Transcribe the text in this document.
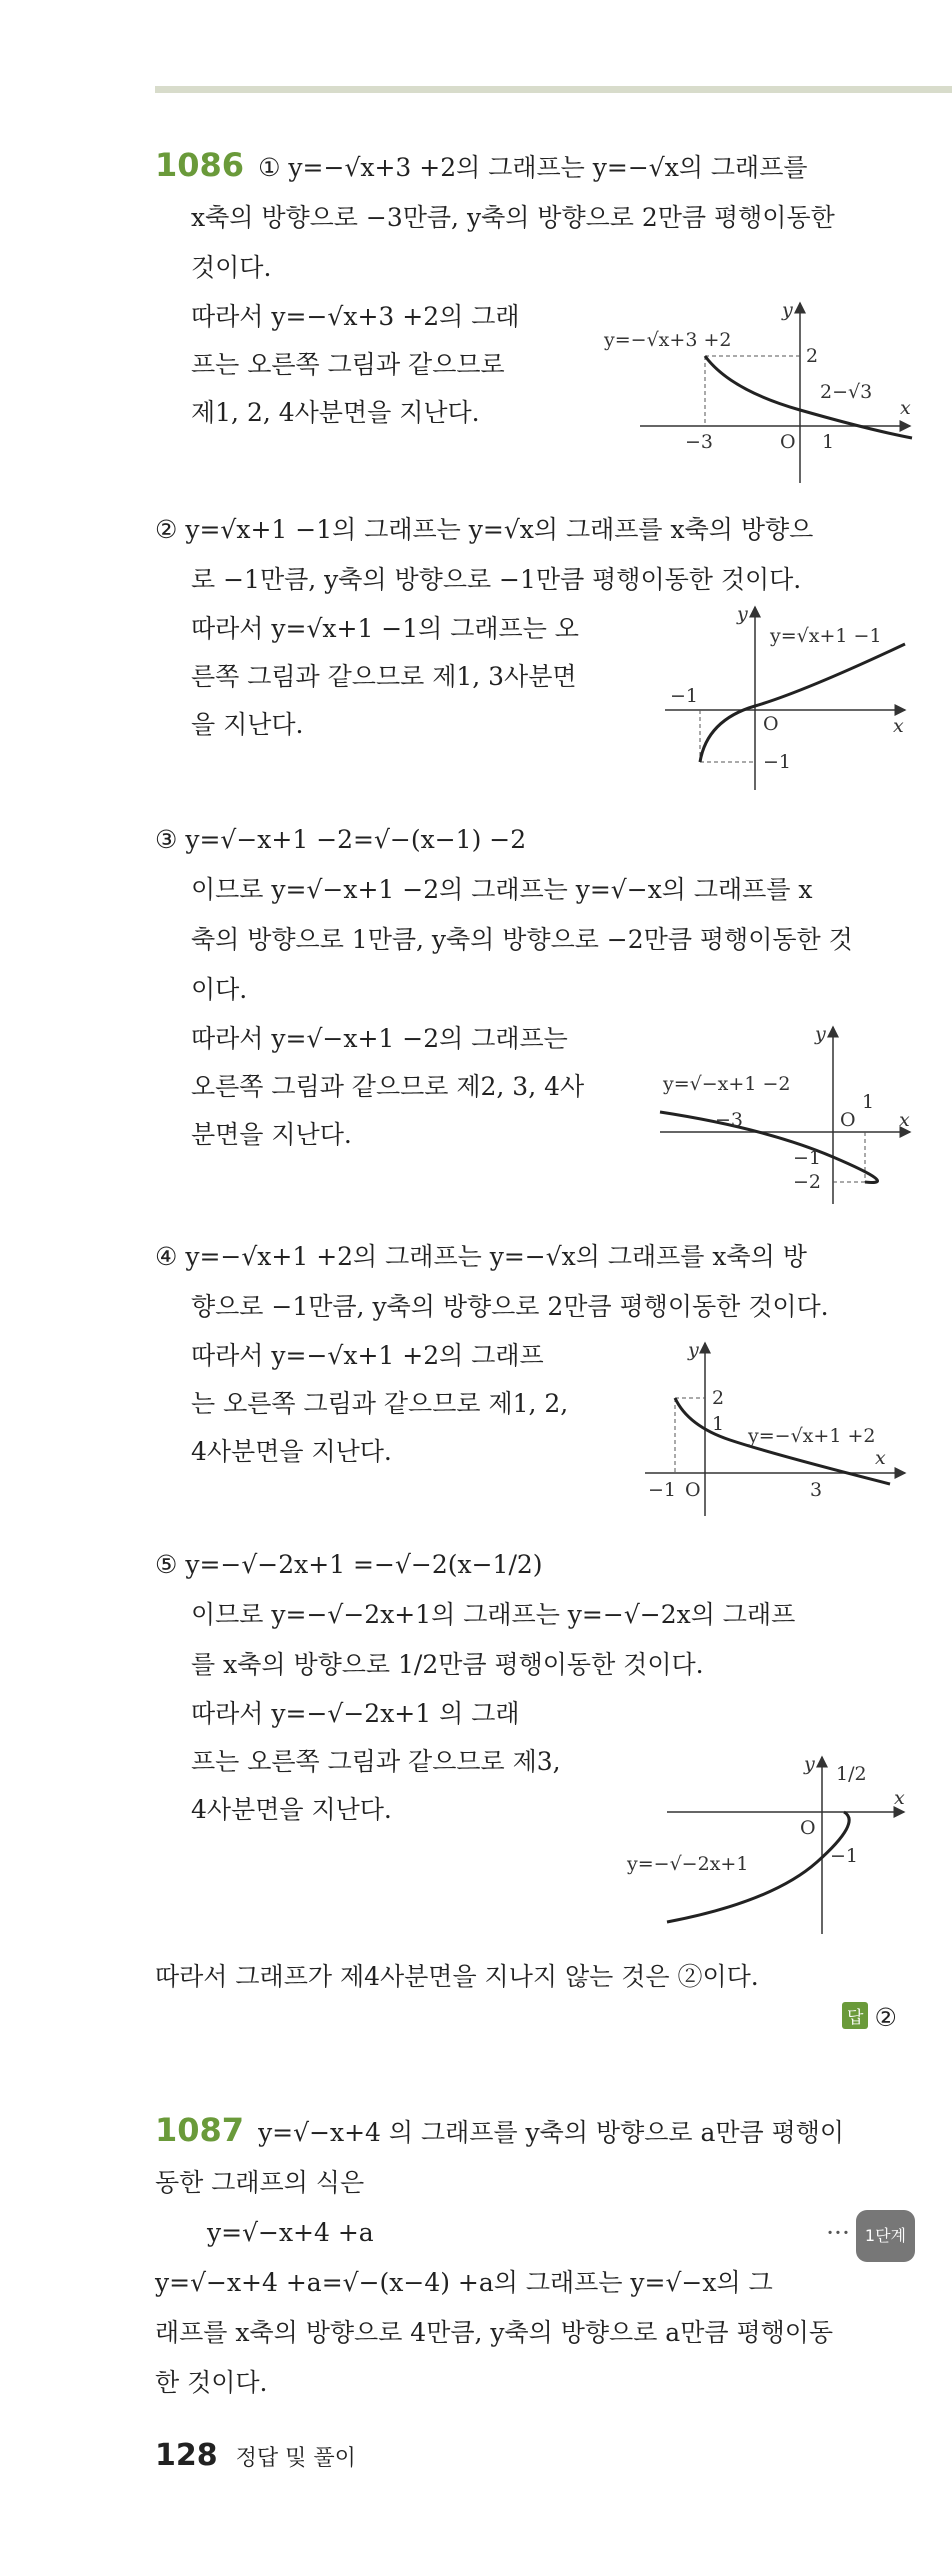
1086 ① y=−√x+3 +2의 그래프는 y=−√x의 그래프를
x축의 방향으로 −3만큼, y축의 방향으로 2만큼 평행이동한
것이다.
따라서 y=−√x+3 +2의 그래
프는 오른쪽 그림과 같으므로
제1, 2, 4사분면을 지난다.
y=−√x+3 +2
−3	O 1
2
2−√3
x
y
② y=√x+1 −1의 그래프는 y=√x의 그래프를 x축의 방향으
로 −1만큼, y축의 방향으로 −1만큼 평행이동한 것이다.
따라서 y=√x+1 −1의 그래프는 오
른쪽 그림과 같으므로 제1, 3사분면
을 지난다.
y=√x+1 −1
−1
O
−1
x
y
③ y=√−x+1 −2=√−(x−1) −2
이므로 y=√−x+1 −2의 그래프는 y=√−x의 그래프를 x
축의 방향으로 1만큼, y축의 방향으로 −2만큼 평행이동한 것
이다.
따라서 y=√−x+1 −2의 그래프는
오른쪽 그림과 같으므로 제2, 3, 4사
분면을 지난다.
y=√−x+1 −2
−3
1
O
−1
−2
x
y
④ y=−√x+1 +2의 그래프는 y=−√x의 그래프를 x축의 방
향으로 −1만큼, y축의 방향으로 2만큼 평행이동한 것이다.
따라서 y=−√x+1 +2의 그래프
는 오른쪽 그림과 같으므로 제1, 2,
4사분면을 지난다.
2
1
y=−√x+1 +2
−1 O	3
x
y
⑤ y=−√−2x+1 =−√−2(x−1/2)
이므로 y=−√−2x+1의 그래프는 y=−√−2x의 그래프
를 x축의 방향으로 1/2만큼 평행이동한 것이다.
따라서 y=−√−2x+1 의 그래
프는 오른쪽 그림과 같으므로 제3,
4사분면을 지난다.
1/2
O
−1
y=−√−2x+1
x
y
따라서 그래프가 제4사분면을 지나지 않는 것은 ②이다.
답 ②
1087 y=√−x+4 의 그래프를 y축의 방향으로 a만큼 평행이
동한 그래프의 식은
y=√−x+4 +a	··· 1단계
y=√−x+4 +a=√−(x−4) +a의 그래프는 y=√−x의 그
래프를 x축의 방향으로 4만큼, y축의 방향으로 a만큼 평행이동
한 것이다.
128 정답 및 풀이
